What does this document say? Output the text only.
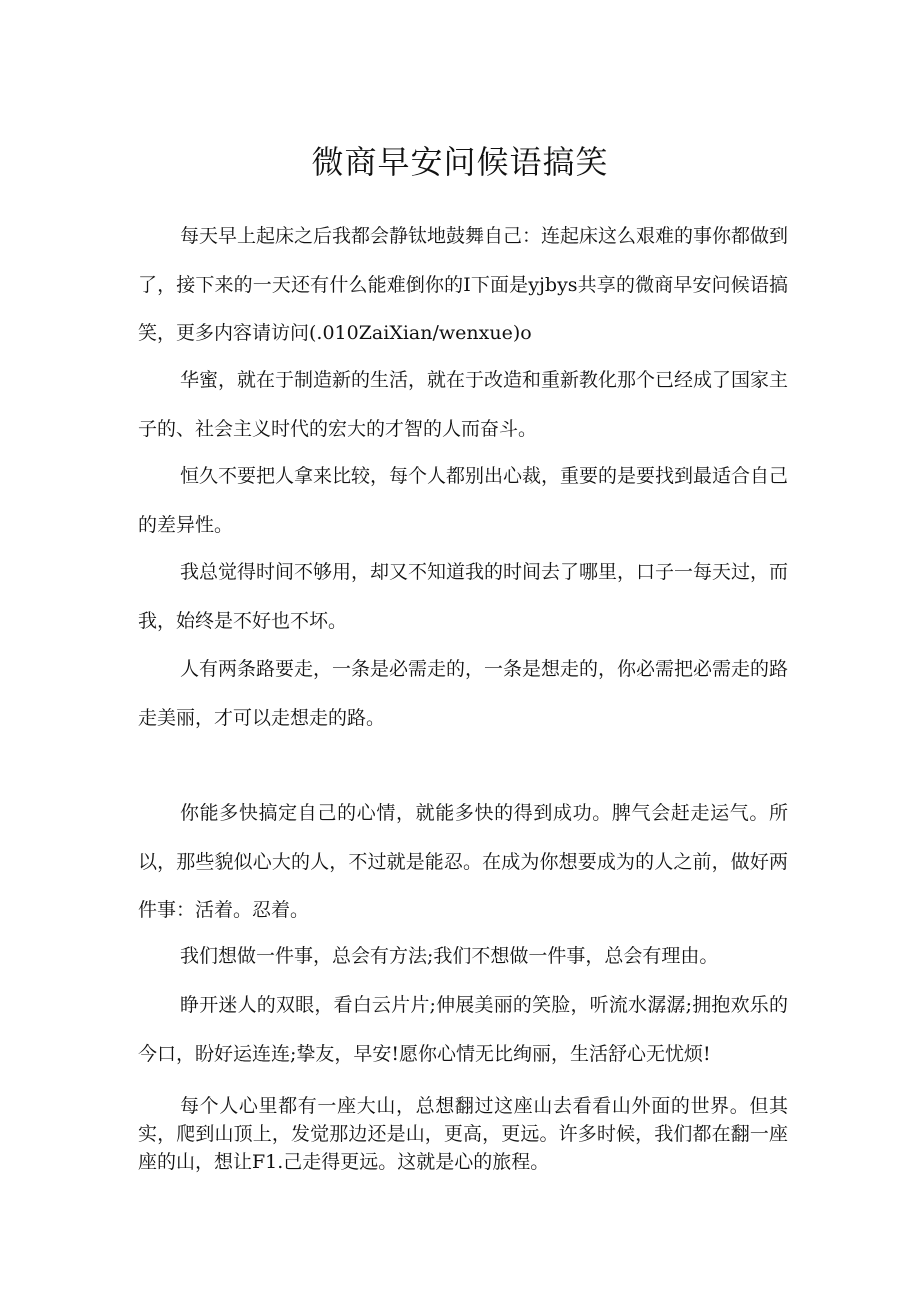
微商早安问候语搞笑

每天早上起床之后我都会静钛地鼓舞自己：连起床这么艰难的事你都做到了，接下来的一天还有什么能难倒你的I下面是yjbys共享的微商早安问候语搞笑，更多内容请访问(.010ZaiXian∕wenxue)o

华蜜，就在于制造新的生活，就在于改造和重新教化那个已经成了国家主子的、社会主义时代的宏大的才智的人而奋斗。

恒久不要把人拿来比较，每个人都别出心裁，重要的是要找到最适合自己的差异性。

我总觉得时间不够用，却又不知道我的时间去了哪里，口子一每天过，而我，始终是不好也不坏。

人有两条路要走，一条是必需走的，一条是想走的，你必需把必需走的路走美丽，才可以走想走的路。

你能多快搞定自己的心情，就能多快的得到成功。脾气会赶走运气。所以，那些貌似心大的人，不过就是能忍。在成为你想要成为的人之前，做好两件事：活着。忍着。

我们想做一件事，总会有方法;我们不想做一件事，总会有理由。

睁开迷人的双眼，看白云片片;伸展美丽的笑脸，听流水潺潺;拥抱欢乐的今口，盼好运连连;挚友，早安!愿你心情无比绚丽，生活舒心无忧烦!

每个人心里都有一座大山，总想翻过这座山去看看山外面的世界。但其实，爬到山顶上，发觉那边还是山，更高，更远。许多时候，我们都在翻一座座的山，想让F1.己走得更远。这就是心的旅程。
